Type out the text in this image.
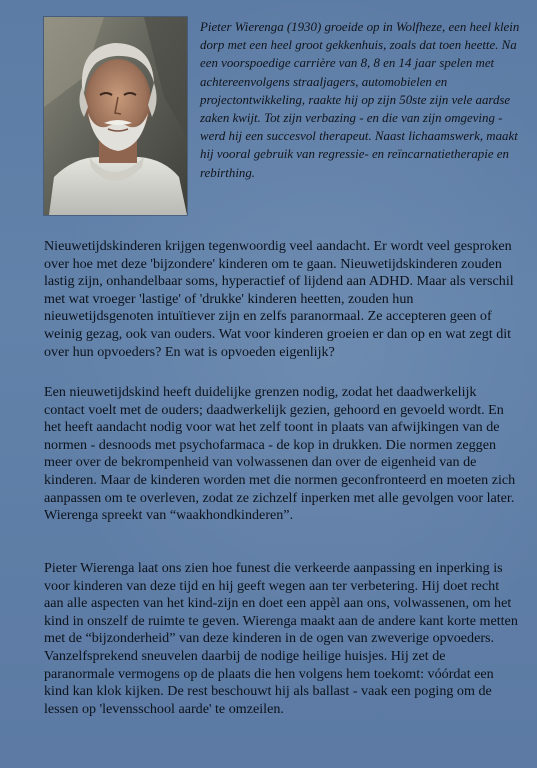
Pieter Wierenga (1930) groeide op in Wolfheze, een heel klein dorp met een heel groot gekkenhuis, zoals dat toen heette. Na een voorspoedige carrière van 8, 8 en 14 jaar spelen met achtereenvolgens straaljagers, automobielen en projectontwikkeling, raakte hij op zijn 50ste zijn vele aardse zaken kwijt. Tot zijn verbazing - en die van zijn omgeving - werd hij een succesvol therapeut. Naast lichaamswerk, maakt hij vooral gebruik van regressie- en reïncarnatietherapie en rebirthing.

Nieuwetijdskinderen krijgen tegenwoordig veel aandacht. Er wordt veel gesproken over hoe met deze 'bijzondere' kinderen om te gaan. Nieuwetijdskinderen zouden lastig zijn, onhandelbaar soms, hyperactief of lijdend aan ADHD. Maar als verschil met wat vroeger 'lastige' of 'drukke' kinderen heetten, zouden hun nieuwetijdsgenoten intuïtiever zijn en zelfs paranormaal. Ze accepteren geen of weinig gezag, ook van ouders. Wat voor kinderen groeien er dan op en wat zegt dit over hun opvoeders? En wat is opvoeden eigenlijk?

Een nieuwetijdskind heeft duidelijke grenzen nodig, zodat het daadwerkelijk contact voelt met de ouders; daadwerkelijk gezien, gehoord en gevoeld wordt. En het heeft aandacht nodig voor wat het zelf toont in plaats van afwijkingen van de normen - desnoods met psychofarmaca - de kop in drukken. Die normen zeggen meer over de bekrompenheid van volwassenen dan over de eigenheid van de kinderen. Maar de kinderen worden met die normen geconfronteerd en moeten zich aanpassen om te overleven, zodat ze zichzelf inperken met alle gevolgen voor later. Wierenga spreekt van “waakhondkinderen”.

Pieter Wierenga laat ons zien hoe funest die verkeerde aanpassing en inperking is voor kinderen van deze tijd en hij geeft wegen aan ter verbetering. Hij doet recht aan alle aspecten van het kind-zijn en doet een appèl aan ons, volwassenen, om het kind in onszelf de ruimte te geven. Wierenga maakt aan de andere kant korte metten met de “bijzonderheid” van deze kinderen in de ogen van zweverige opvoeders. Vanzelfsprekend sneuvelen daarbij de nodige heilige huisjes. Hij zet de paranormale vermogens op de plaats die hen volgens hem toekomt: vóórdat een kind kan klok kijken. De rest beschouwt hij als ballast - vaak een poging om de lessen op 'levensschool aarde' te omzeilen.
